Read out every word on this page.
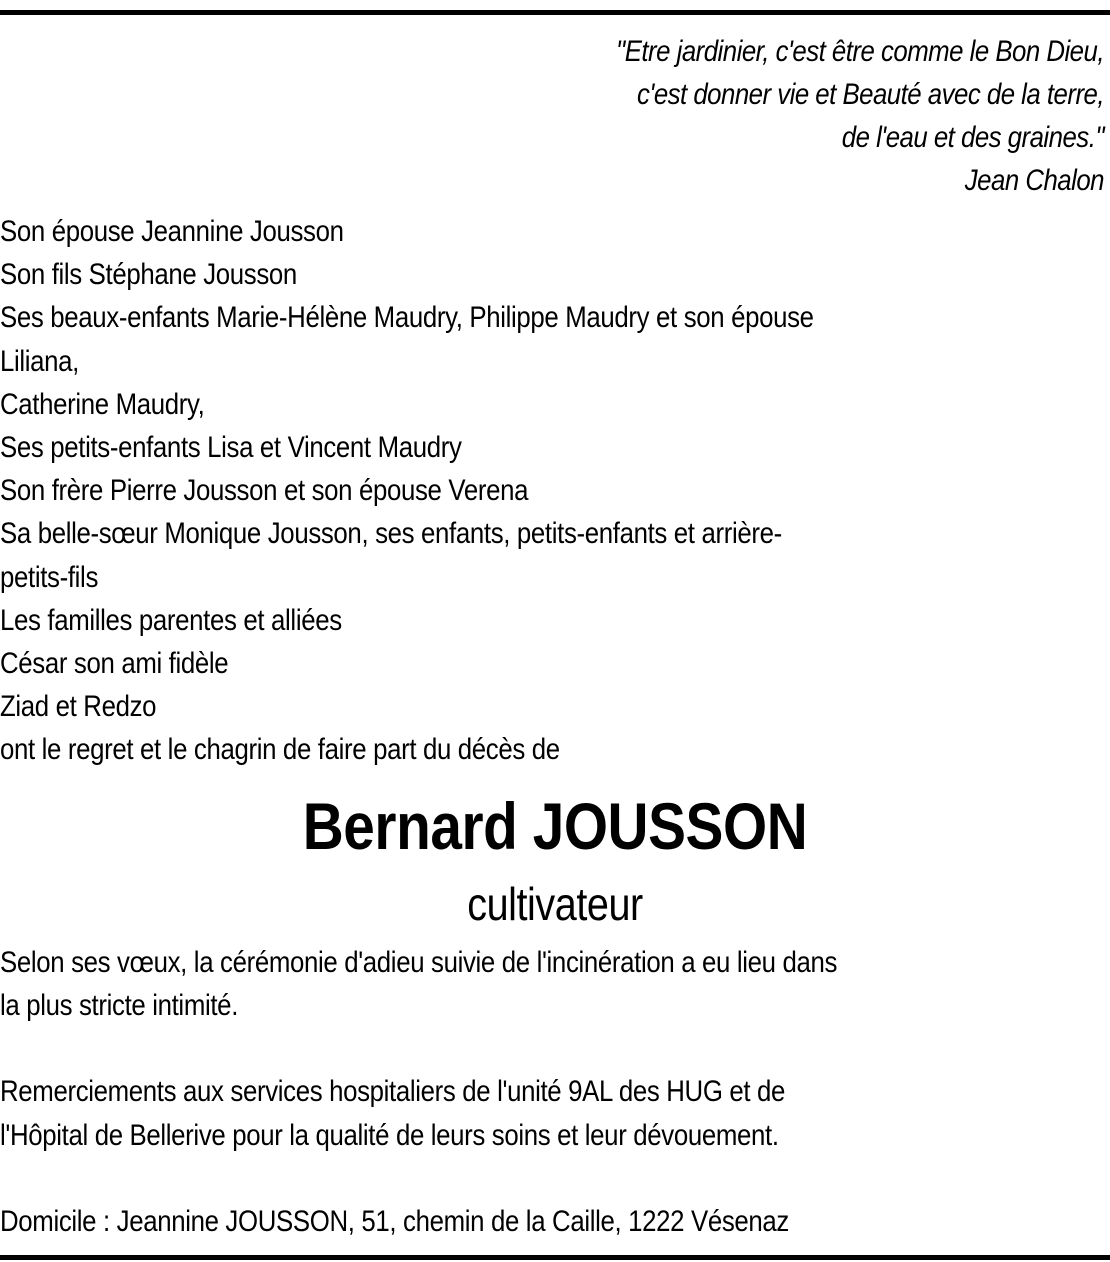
"Etre jardinier, c'est être comme le Bon Dieu,
c'est donner vie et Beauté avec de la terre,
de l'eau et des graines."
Jean Chalon
Son épouse Jeannine Jousson
Son fils Stéphane Jousson
Ses beaux-enfants Marie-Hélène Maudry, Philippe Maudry et son épouse
Liliana,
Catherine Maudry,
Ses petits-enfants Lisa et Vincent Maudry
Son frère Pierre Jousson et son épouse Verena
Sa belle-sœur Monique Jousson, ses enfants, petits-enfants et arrière-
petits-fils
Les familles parentes et alliées
César son ami fidèle
Ziad et Redzo
ont le regret et le chagrin de faire part du décès de
Bernard JOUSSON
cultivateur

Selon ses vœux, la cérémonie d'adieu suivie de l'incinération a eu lieu dans
la plus stricte intimité.

Remerciements aux services hospitaliers de l'unité 9AL des HUG et de
l'Hôpital de Bellerive pour la qualité de leurs soins et leur dévouement.

Domicile : Jeannine JOUSSON, 51, chemin de la Caille, 1222 Vésenaz
